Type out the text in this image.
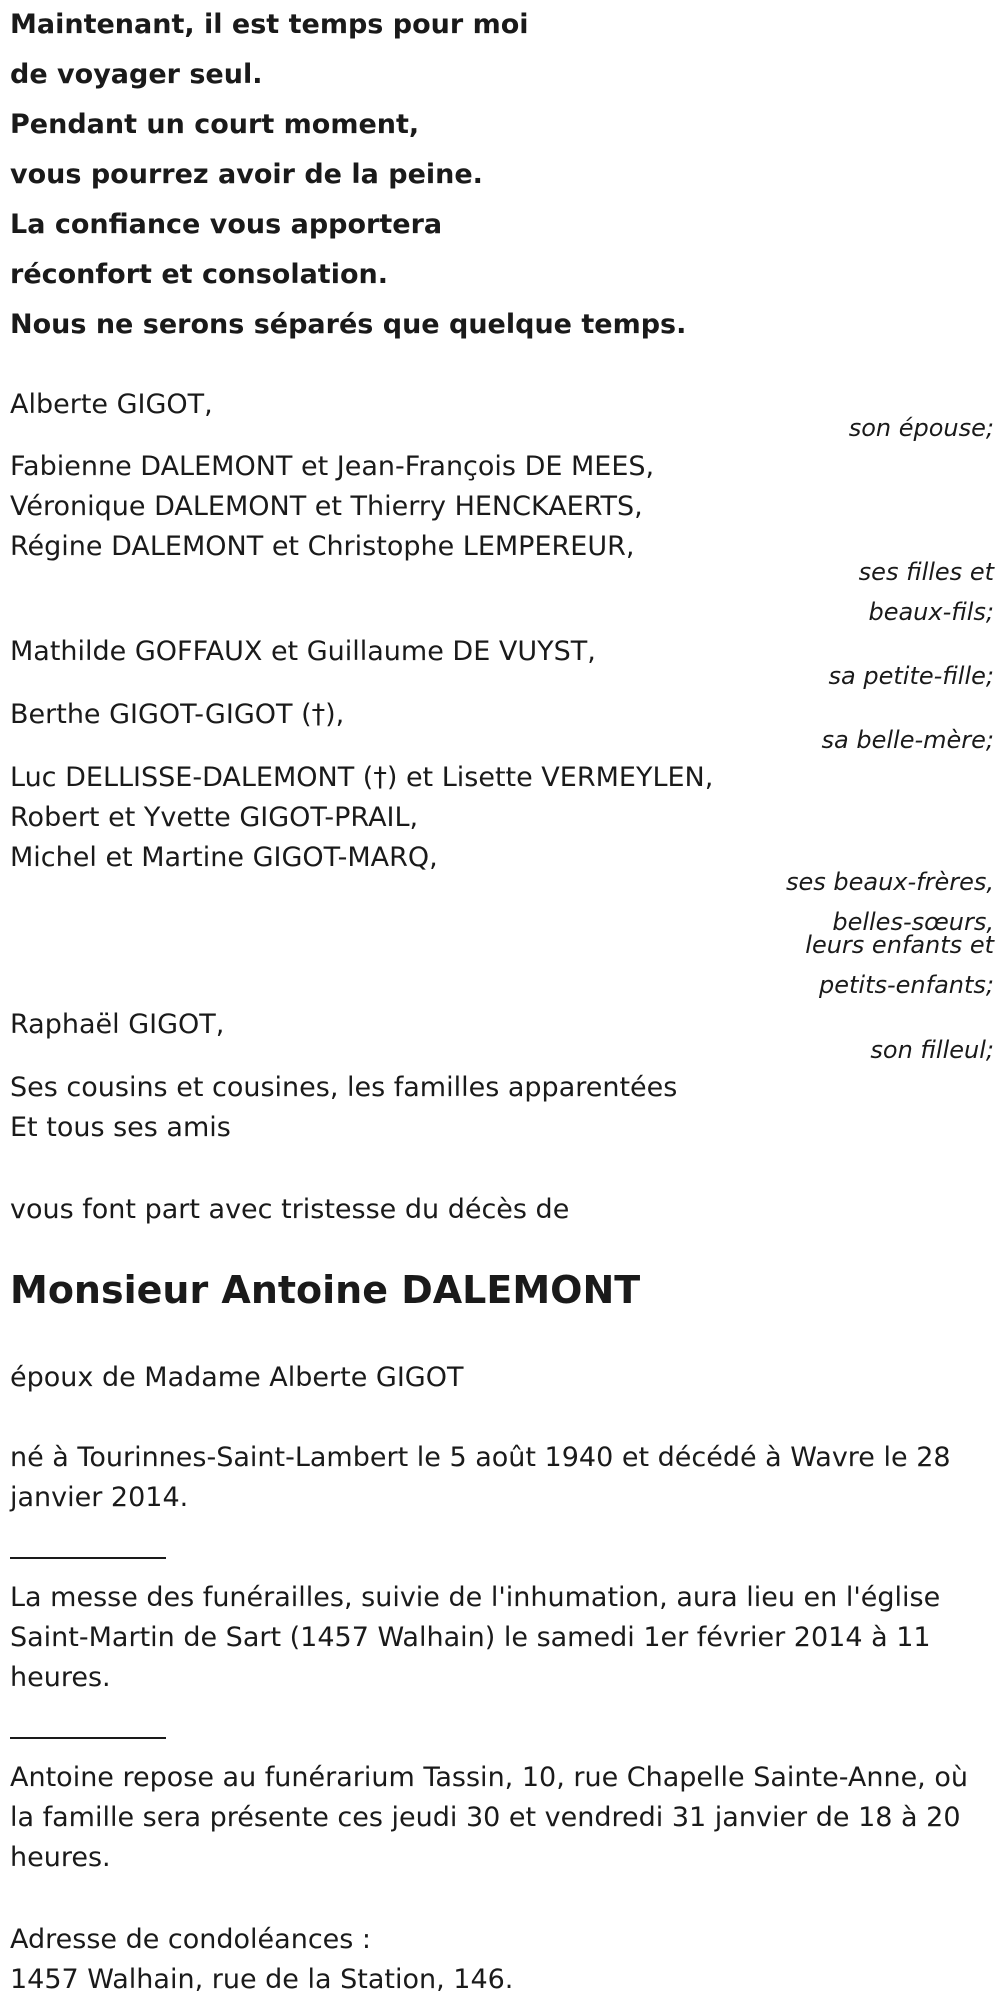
Maintenant, il est temps pour moi

de voyager seul.

Pendant un court moment,

vous pourrez avoir de la peine.

La confiance vous apportera

réconfort et consolation.

Nous ne serons séparés que quelque temps.

Alberte GIGOT,

son épouse;

Fabienne DALEMONT et Jean-François DE MEES,

Véronique DALEMONT et Thierry HENCKAERTS,

Régine DALEMONT et Christophe LEMPEREUR,

ses filles et

beaux-fils;

Mathilde GOFFAUX et Guillaume DE VUYST,

sa petite-fille;

Berthe GIGOT-GIGOT (†),

sa belle-mère;

Luc DELLISSE-DALEMONT (†) et Lisette VERMEYLEN,

Robert et Yvette GIGOT-PRAIL,

Michel et Martine GIGOT-MARQ,

ses beaux-frères,

belles-sœurs,

leurs enfants et

petits-enfants;

Raphaël GIGOT,

son filleul;

Ses cousins et cousines, les familles apparentées

Et tous ses amis

vous font part avec tristesse du décès de

Monsieur Antoine DALEMONT

époux de Madame Alberte GIGOT

né à Tourinnes-Saint-Lambert le 5 août 1940 et décédé à Wavre le 28 janvier 2014.

La messe des funérailles, suivie de l'inhumation, aura lieu en l'église Saint-Martin de Sart (1457 Walhain) le samedi 1er février 2014 à 11 heures.

Antoine repose au funérarium Tassin, 10, rue Chapelle Sainte-Anne, où la famille sera présente ces jeudi 30 et vendredi 31 janvier de 18 à 20 heures.

Adresse de condoléances :

1457 Walhain, rue de la Station, 146.
